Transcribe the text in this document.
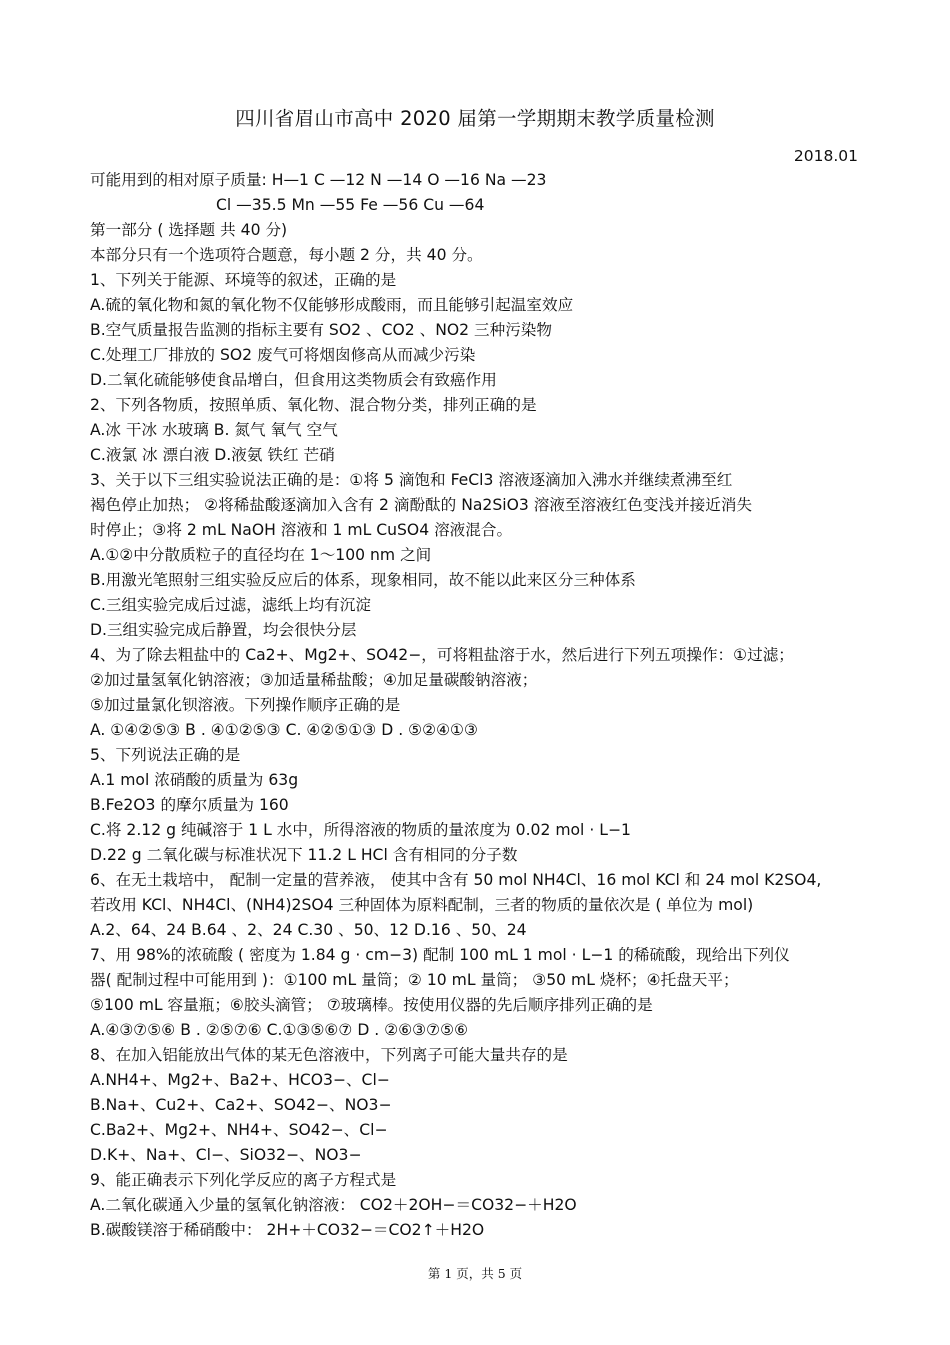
四川省眉山市高中 2020 届第一学期期末教学质量检测
2018.01
可能用到的相对原子质量: H—1 C —12 N —14 O —16 Na —23
Cl —35.5 Mn —55 Fe —56 Cu —64
第一部分 ( 选择题 共 40 分)
本部分只有一个选项符合题意，每小题 2 分，共 40 分。
1、下列关于能源、环境等的叙述，正确的是
A.硫的氧化物和氮的氧化物不仅能够形成酸雨，而且能够引起温室效应
B.空气质量报告监测的指标主要有 SO2 、CO2 、NO2 三种污染物
C.处理工厂排放的 SO2 废气可将烟囱修高从而减少污染
D.二氧化硫能够使食品增白，但食用这类物质会有致癌作用
2、下列各物质，按照单质、氧化物、混合物分类，排列正确的是
A.冰 干冰 水玻璃 B. 氮气 氧气 空气
C.液氯 冰 漂白液 D.液氨 铁红 芒硝
3、关于以下三组实验说法正确的是：①将 5 滴饱和 FeCl3 溶液逐滴加入沸水并继续煮沸至红
褐色停止加热； ②将稀盐酸逐滴加入含有 2 滴酚酞的 Na2SiO3 溶液至溶液红色变浅并接近消失
时停止；③将 2 mL NaOH 溶液和 1 mL CuSO4 溶液混合。
A.①②中分散质粒子的直径均在 1～100 nm 之间
B.用激光笔照射三组实验反应后的体系，现象相同，故不能以此来区分三种体系
C.三组实验完成后过滤，滤纸上均有沉淀
D.三组实验完成后静置，均会很快分层
4、为了除去粗盐中的 Ca2+、Mg2+、SO42−，可将粗盐溶于水，然后进行下列五项操作：①过滤；
②加过量氢氧化钠溶液；③加适量稀盐酸；④加足量碳酸钠溶液；
⑤加过量氯化钡溶液。下列操作顺序正确的是
A. ①④②⑤③ B . ④①②⑤③ C. ④②⑤①③ D . ⑤②④①③
5、下列说法正确的是
A.1 mol 浓硝酸的质量为 63g
B.Fe2O3 的摩尔质量为 160
C.将 2.12 g 纯碱溶于 1 L 水中，所得溶液的物质的量浓度为 0.02 mol · L−1
D.22 g 二氧化碳与标准状况下 11.2 L HCl 含有相同的分子数
6、在无土栽培中， 配制一定量的营养液， 使其中含有 50 mol NH4Cl、16 mol KCl 和 24 mol K2SO4,
若改用 KCl、NH4Cl、(NH4)2SO4 三种固体为原料配制，三者的物质的量依次是 ( 单位为 mol)
A.2、64、24 B.64 、2、24 C.30 、50、12 D.16 、50、24
7、用 98%的浓硫酸 ( 密度为 1.84 g · cm−3) 配制 100 mL 1 mol · L−1 的稀硫酸，现给出下列仪
器( 配制过程中可能用到 )：①100 mL 量筒；② 10 mL 量筒； ③50 mL 烧杯；④托盘天平；
⑤100 mL 容量瓶；⑥胶头滴管； ⑦玻璃棒。按使用仪器的先后顺序排列正确的是
A.④③⑦⑤⑥ B . ②⑤⑦⑥ C.①③⑤⑥⑦ D . ②⑥③⑦⑤⑥
8、在加入铝能放出气体的某无色溶液中，下列离子可能大量共存的是
A.NH4+、Mg2+、Ba2+、HCO3−、Cl−
B.Na+、Cu2+、Ca2+、SO42−、NO3−
C.Ba2+、Mg2+、NH4+、SO42−、Cl−
D.K+、Na+、Cl−、SiO32−、NO3−
9、能正确表示下列化学反应的离子方程式是
A.二氧化碳通入少量的氢氧化钠溶液： CO2＋2OH−＝CO32−＋H2O
B.碳酸镁溶于稀硝酸中： 2H+＋CO32−＝CO2↑＋H2O
第 1 页，共 5 页
